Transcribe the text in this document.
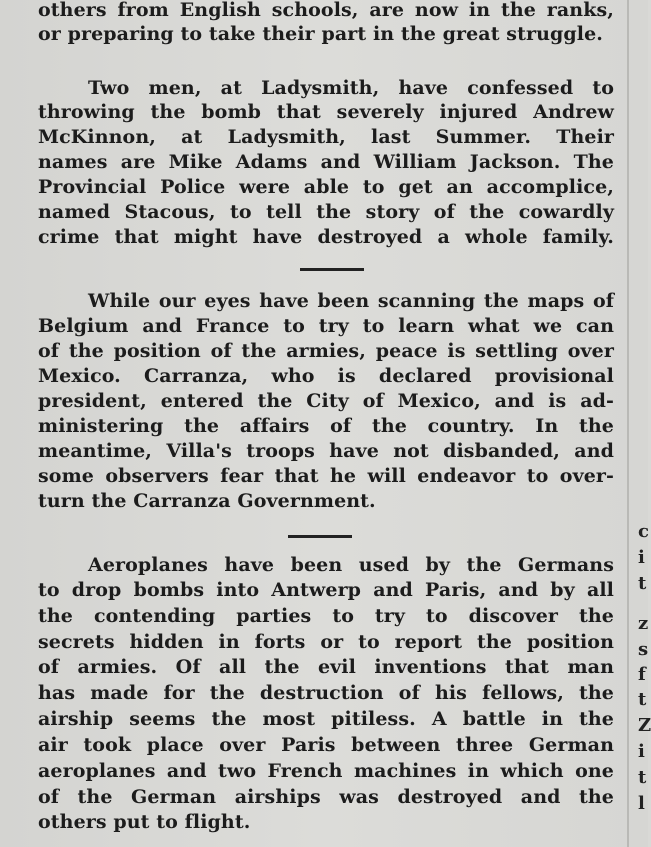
others from English schools, are now in the ranks,
or preparing to take their part in the great struggle.
Two men, at Ladysmith, have confessed to
throwing the bomb that severely injured Andrew
McKinnon, at Ladysmith, last Summer. Their
names are Mike Adams and William Jackson. The
Provincial Police were able to get an accomplice,
named Stacous, to tell the story of the cowardly
crime that might have destroyed a whole family.
While our eyes have been scanning the maps of
Belgium and France to try to learn what we can
of the position of the armies, peace is settling over
Mexico. Carranza, who is declared provisional
president, entered the City of Mexico, and is ad-
ministering the affairs of the country. In the
meantime, Villa's troops have not disbanded, and
some observers fear that he will endeavor to over-
turn the Carranza Government.
Aeroplanes have been used by the Germans
to drop bombs into Antwerp and Paris, and by all
the contending parties to try to discover the
secrets hidden in forts or to report the position
of armies. Of all the evil inventions that man
has made for the destruction of his fellows, the
airship seems the most pitiless. A battle in the
air took place over Paris between three German
aeroplanes and two French machines in which one
of the German airships was destroyed and the
others put to flight.
c
i
t
z
s
f
t
Z
i
t
l
